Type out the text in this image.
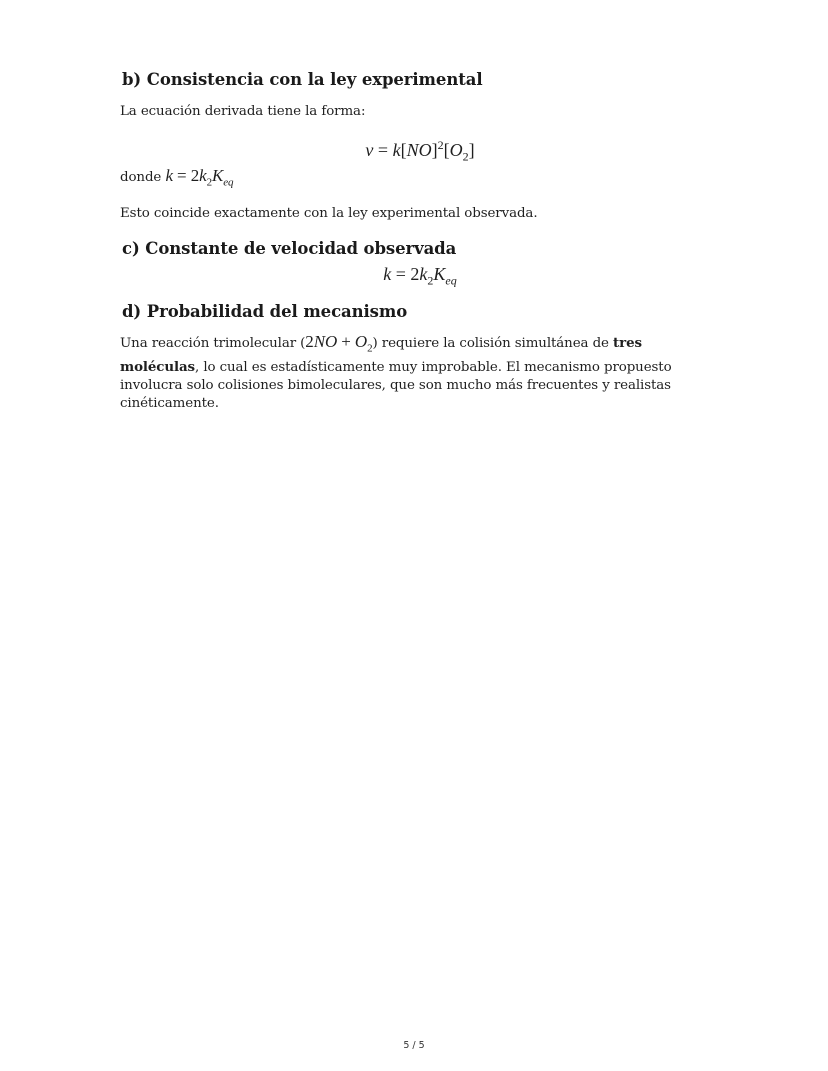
b) Consistencia con la ley experimental

La ecuación derivada tiene la forma:

$v = k[NO]^2[O_2]$

donde $k = 2k_2K_{eq}$

Esto coincide exactamente con la ley experimental observada.

c) Constante de velocidad observada
$k = 2k_2K_{eq}$
d) Probabilidad del mecanismo

Una reacción trimolecular $(2NO + O_2)$ requiere la colisión simultánea de tres moléculas, lo cual es estadísticamente muy improbable. El mecanismo propuesto involucra solo colisiones bimoleculares, que son mucho más frecuentes y realistas cinéticamente.

5 / 5
